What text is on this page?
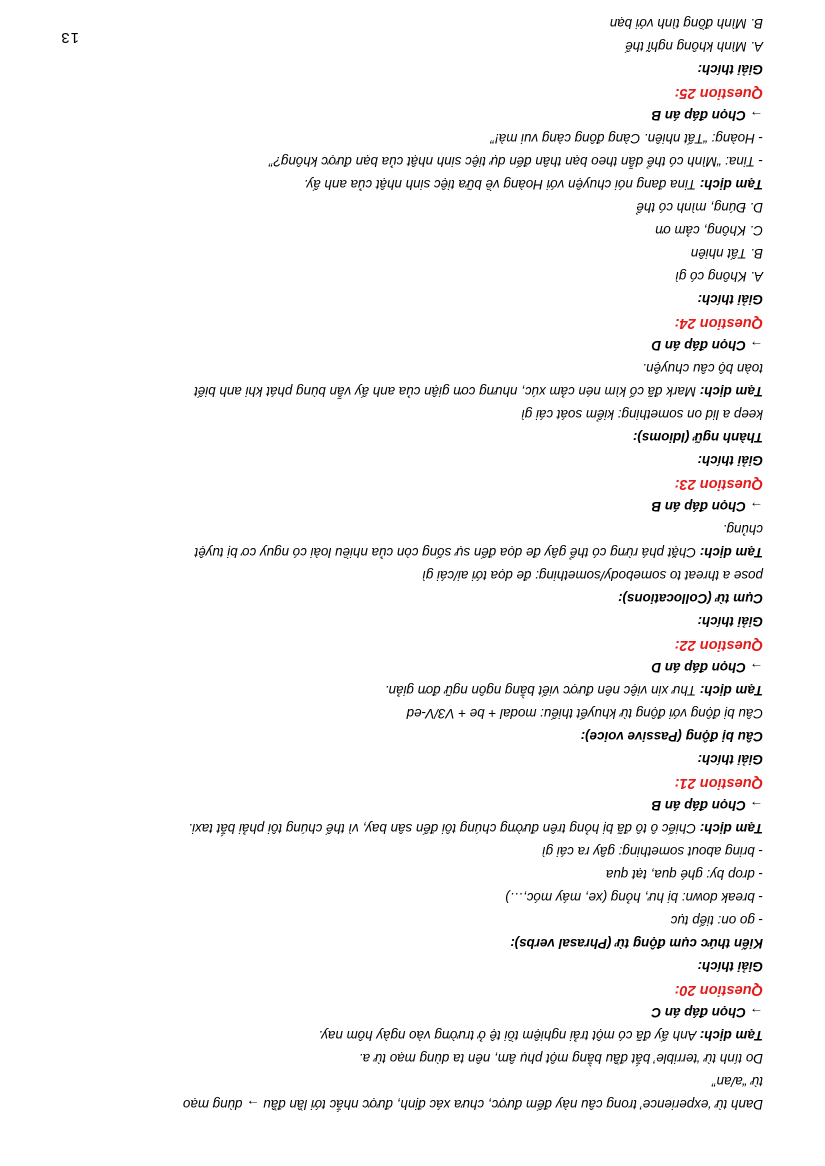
Danh từ ‘experience’ trong câu này đếm được, chưa xác định, được nhắc tới lần đầu → dùng mạo
từ “a/an”
Do tính từ ‘terrible’ bắt đầu bằng một phụ âm, nên ta dùng mạo từ a.
Tạm dịch: Anh ấy đã có một trải nghiệm tồi tệ ở trường vào ngày hôm nay.
→ Chọn đáp án C
Question 20:
Giải thích:
Kiến thức cụm động từ (Phrasal verbs):
- go on: tiếp tục
- break down: bị hư, hỏng (xe, máy móc,…)
- drop by: ghé qua, tạt qua
- bring about something: gây ra cái gì
Tạm dịch: Chiếc ô tô đã bị hỏng trên đường chúng tôi đến sân bay, vì thế chúng tôi phải bắt taxi.
→ Chọn đáp án B
Question 21:
Giải thích:
Câu bị động (Passive voice):
Câu bị động với động từ khuyết thiếu: modal + be + V3/V-ed
Tạm dịch: Thư xin việc nên được viết bằng ngôn ngữ đơn giản.
→ Chọn đáp án D
Question 22:
Giải thích:
Cụm từ (Collocations):
pose a threat to somebody/something: đe dọa tới ai/cái gì
Tạm dịch: Chặt phá rừng có thể gây đe dọa đến sự sống còn của nhiều loài có nguy cơ bị tuyệt
chủng.
→ Chọn đáp án B
Question 23:
Giải thích:
Thành ngữ (Idioms):
keep a lid on something: kiểm soát cái gì
Tạm dịch: Mark đã cố kìm nén cảm xúc, nhưng cơn giận của anh ấy vẫn bùng phát khi anh biết
toàn bộ câu chuyện.
→ Chọn đáp án D
Question 24:
Giải thích:
A. Không có gì
B. Tất nhiên
C. Không, cảm ơn
D. Đúng, mình có thể
Tạm dịch: Tina đang nói chuyện với Hoàng về bữa tiệc sinh nhật của anh ấy.
- Tina: “Mình có thể dẫn theo bạn thân đến dự tiệc sinh nhật của bạn được không?”
- Hoàng: “Tất nhiên. Càng đông càng vui mà!”
→ Chọn đáp án B
Question 25:
Giải thích:
A. Mình không nghĩ thế
B. Mình đồng tình với bạn
13
